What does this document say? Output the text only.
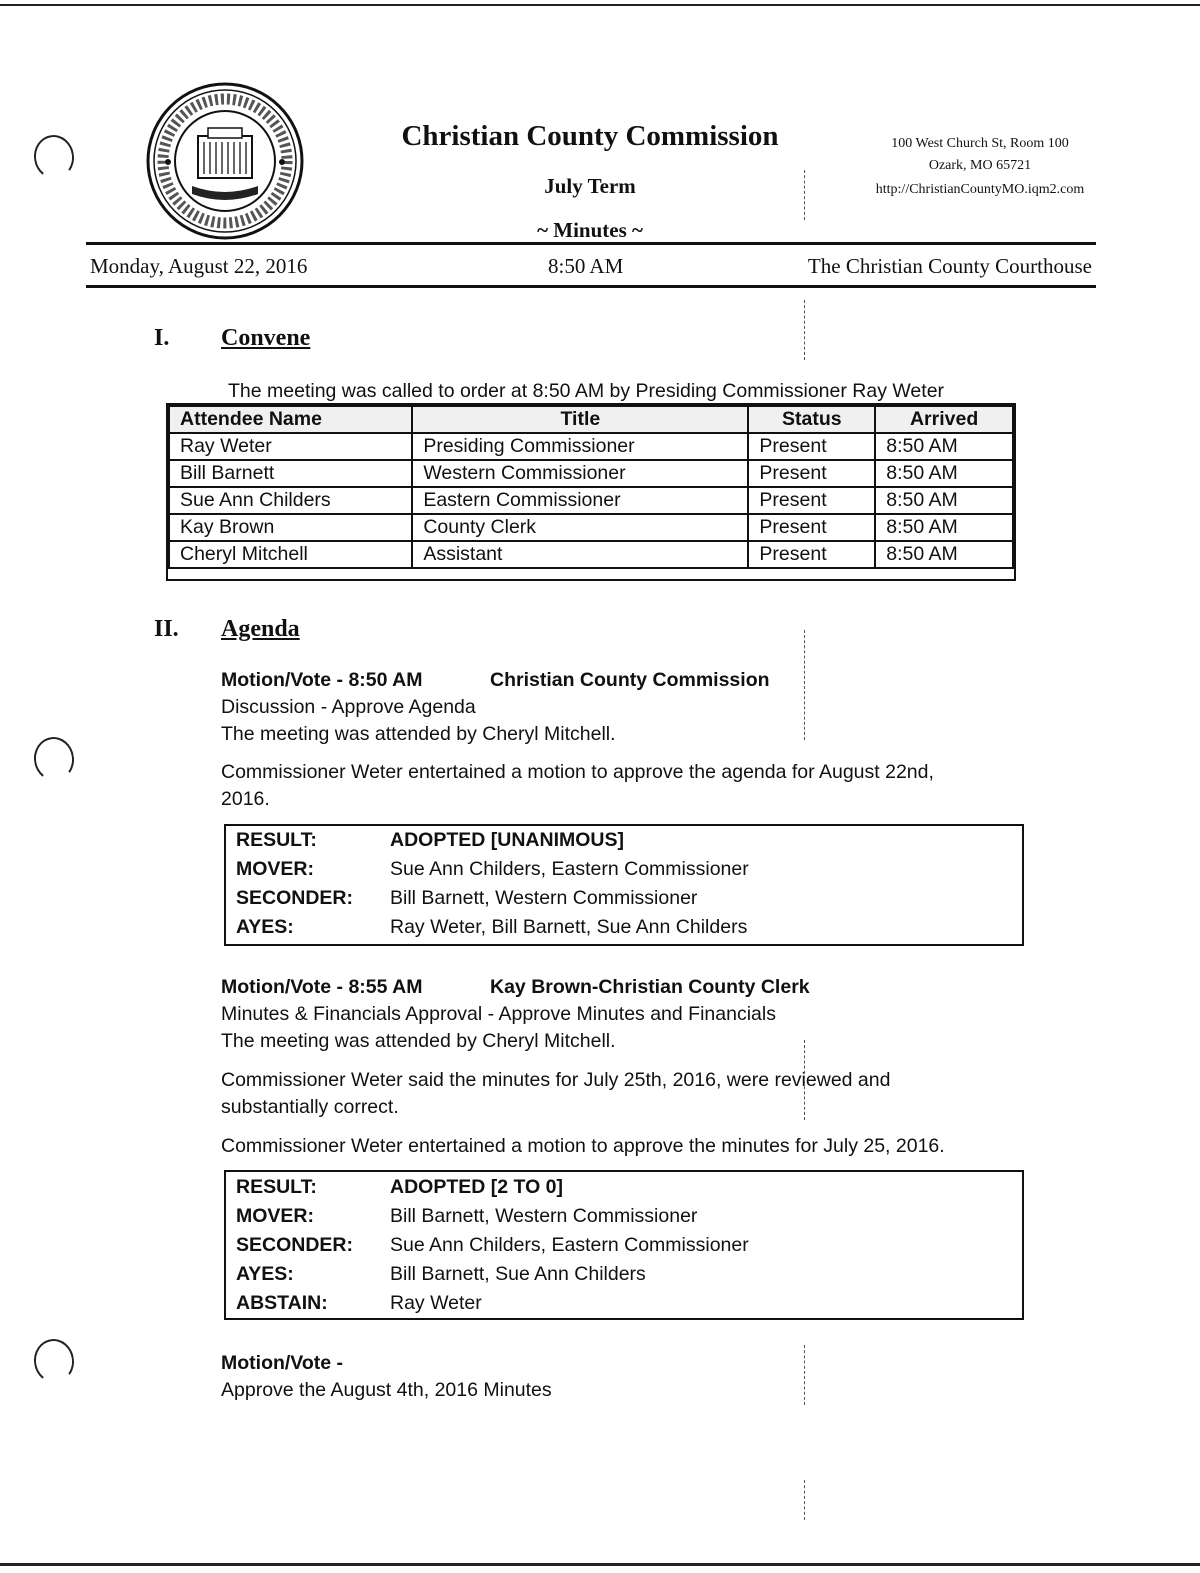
Christian County Commission
July Term
~ Minutes ~
100 West Church St, Room 100
Ozark, MO 65721
http://ChristianCountyMO.iqm2.com
Monday, August 22, 2016	8:50 AM	The Christian County Courthouse
I. Convene
The meeting was called to order at 8:50 AM by Presiding Commissioner Ray Weter
Attendee Name	Title	Status	Arrived
Ray Weter	Presiding Commissioner	Present	8:50 AM
Bill Barnett	Western Commissioner	Present	8:50 AM
Sue Ann Childers	Eastern Commissioner	Present	8:50 AM
Kay Brown	County Clerk	Present	8:50 AM
Cheryl Mitchell	Assistant	Present	8:50 AM
II. Agenda
Motion/Vote - 8:50 AM	Christian County Commission
Discussion - Approve Agenda
The meeting was attended by Cheryl Mitchell.
Commissioner Weter entertained a motion to approve the agenda for August 22nd,
2016.
RESULT:	ADOPTED [UNANIMOUS]
MOVER:	Sue Ann Childers, Eastern Commissioner
SECONDER: Bill Barnett, Western Commissioner
AYES:	Ray Weter, Bill Barnett, Sue Ann Childers
Motion/Vote - 8:55 AM	Kay Brown-Christian County Clerk
Minutes & Financials Approval - Approve Minutes and Financials
The meeting was attended by Cheryl Mitchell.
Commissioner Weter said the minutes for July 25th, 2016, were reviewed and
substantially correct.
Commissioner Weter entertained a motion to approve the minutes for July 25, 2016.
RESULT:	ADOPTED [2 TO 0]
MOVER:	Bill Barnett, Western Commissioner
SECONDER: Sue Ann Childers, Eastern Commissioner
AYES:	Bill Barnett, Sue Ann Childers
ABSTAIN:	Ray Weter
Motion/Vote -
Approve the August 4th, 2016 Minutes
